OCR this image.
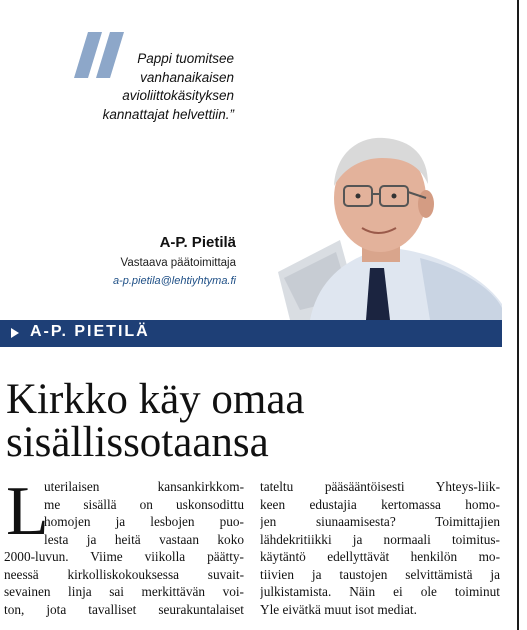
Pappi tuomitsee
vanhanaikaisen
avioliittokäsityksen
kannattajat helvettiin.”
A-P. Pietilä
Vastaava päätoimittaja
a-p.pietila@lehtiyhtyma.fi
A-P. PIETILÄ
Kirkko käy omaa
sisällissotaansa
L
uterilaisen kansankirkkom-
me sisällä on uskonsodittu
homojen ja lesbojen puo-
lesta ja heitä vastaan koko
2000-luvun. Viime viikolla päätty-
neessä kirkolliskokouksessa suvait-
sevainen linja sai merkittävän voi-
ton, jota tavalliset seurakuntalaiset
tateltu pääsääntöisesti Yhteys-liik-
keen edustajia kertomassa homo-
jen siunaamisesta? Toimittajien
lähdekritiikki ja normaali toimitus-
käytäntö edellyttävät henkilön mo-
tiivien ja taustojen selvittämistä ja
julkistamista. Näin ei ole toiminut
Yle eivätkä muut isot mediat.
